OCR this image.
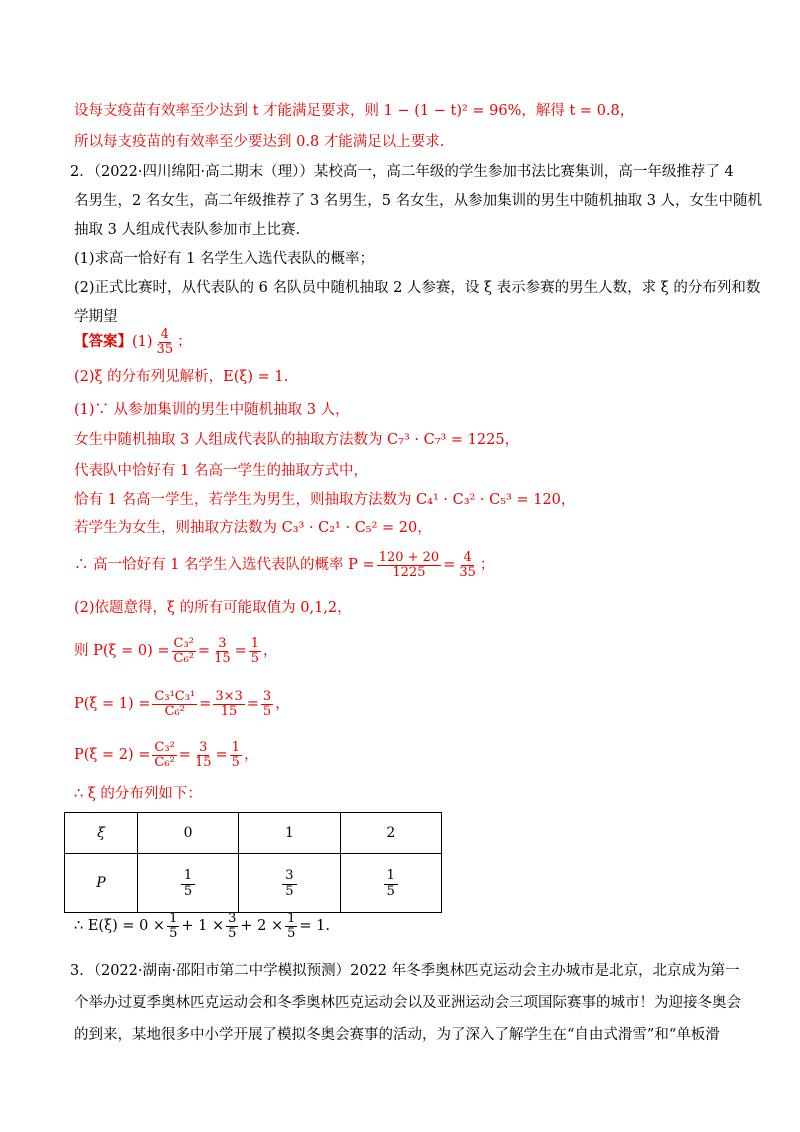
设每支疫苗有效率至少达到 t 才能满足要求，则 1 − (1 − t)² = 96%，解得 t = 0.8，
所以每支疫苗的有效率至少要达到 0.8 才能满足以上要求.
2．（2022·四川绵阳·高二期末（理））某校高一，高二年级的学生参加书法比赛集训，高一年级推荐了 4
名男生，2 名女生，高二年级推荐了 3 名男生，5 名女生，从参加集训的男生中随机抽取 3 人，女生中随机
抽取 3 人组成代表队参加市上比赛.
(1)求高一恰好有 1 名学生入选代表队的概率；
(2)正式比赛时，从代表队的 6 名队员中随机抽取 2 人参赛，设 ξ 表示参赛的男生人数，求 ξ 的分布列和数
学期望
【答案】 $(1) \frac{4}{35}$ ；
(2)ξ 的分布列见解析，E(ξ) = 1.
(1)∵ 从参加集训的男生中随机抽取 3 人，
女生中随机抽取 3 人组成代表队的抽取方法数为 C₇³ · C₇³ = 1225，
代表队中恰好有 1 名高一学生的抽取方式中，
恰有 1 名高一学生，若学生为男生，则抽取方法数为 C₄¹ · C₃² · C₅³ = 120，
若学生为女生，则抽取方法数为 C₃³ · C₂¹ · C₅² = 20，
∴ 高一恰好有 1 名学生入选代表队的概率 $P = \frac{120 + 20}{1225} = \frac{4}{35}$ ；
(2)依题意得，ξ 的所有可能取值为 0,1,2，
则 $P(\xi = 0) = \frac{\text{C₃²}}{\text{C₆²}} = \frac{3}{15} = \frac{1}{5}$ ，
$P(\xi = 1) = \frac{\text{C₃¹C₃¹}}{\text{C₆²}} = \frac{3\times 3}{15} = \frac{3}{5}$ ，
$P(\xi = 2) = \frac{\text{C₃²}}{\text{C₆²}} = \frac{3}{15} = \frac{1}{5}$ ，
∴ ξ 的分布列如下：
ξ	0	1	2
P	$\frac{1}{5}$	$\frac{3}{5}$	$\frac{1}{5}$
∴ $E(\xi) = 0 \times \frac{1}{5} + 1 \times \frac{3}{5} + 2 \times \frac{1}{5} = 1$.
3．（2022·湖南·邵阳市第二中学模拟预测）2022 年冬季奥林匹克运动会主办城市是北京，北京成为第一
个举办过夏季奥林匹克运动会和冬季奥林匹克运动会以及亚洲运动会三项国际赛事的城市！为迎接冬奥会
的到来，某地很多中小学开展了模拟冬奥会赛事的活动，为了深入了解学生在“自由式滑雪”和“单板滑
